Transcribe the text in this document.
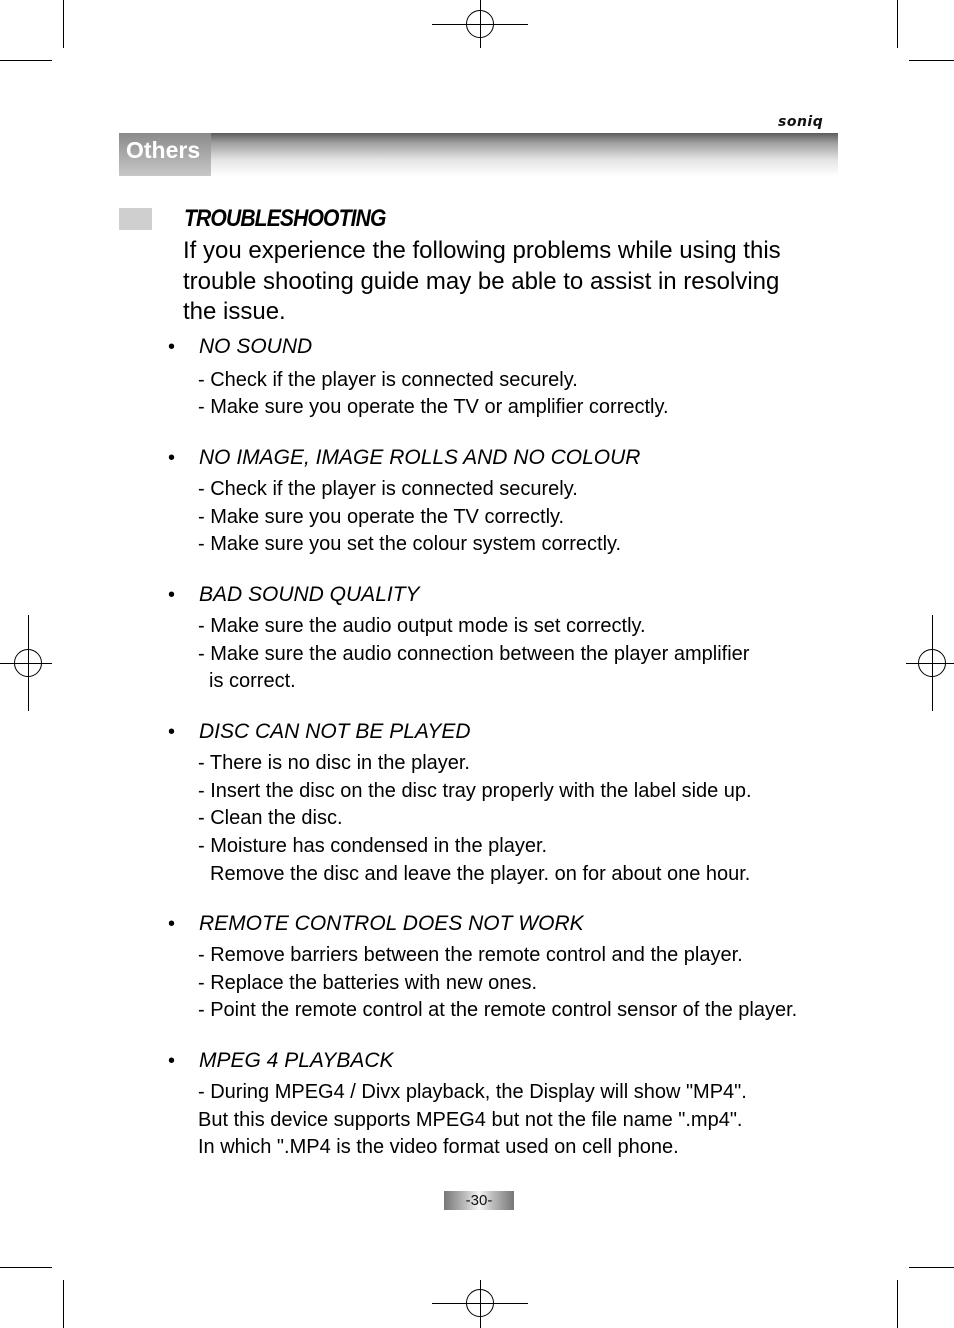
soniq
Others
TROUBLESHOOTING
If you experience the following problems while using this
trouble shooting guide may be able to assist in resolving
the issue.
• NO SOUND
- Check if the player is connected securely.
- Make sure you operate the TV or amplifier correctly.
• NO IMAGE, IMAGE ROLLS AND NO COLOUR
- Check if the player is connected securely.
- Make sure you operate the TV correctly.
- Make sure you set the colour system correctly.
• BAD SOUND QUALITY
- Make sure the audio output mode is set correctly.
- Make sure the audio connection between the player amplifier
is correct.
• DISC CAN NOT BE PLAYED
- There is no disc in the player.
- Insert the disc on the disc tray properly with the label side up.
- Clean the disc.
- Moisture has condensed in the player.
Remove the disc and leave the player. on for about one hour.
• REMOTE CONTROL DOES NOT WORK
- Remove barriers between the remote control and the player.
- Replace the batteries with new ones.
- Point the remote control at the remote control sensor of the player.
• MPEG 4 PLAYBACK
- During MPEG4 / Divx playback, the Display will show "MP4".
But this device supports MPEG4 but not the file name ".mp4".
In which ".MP4 is the video format used on cell phone.
-30-
